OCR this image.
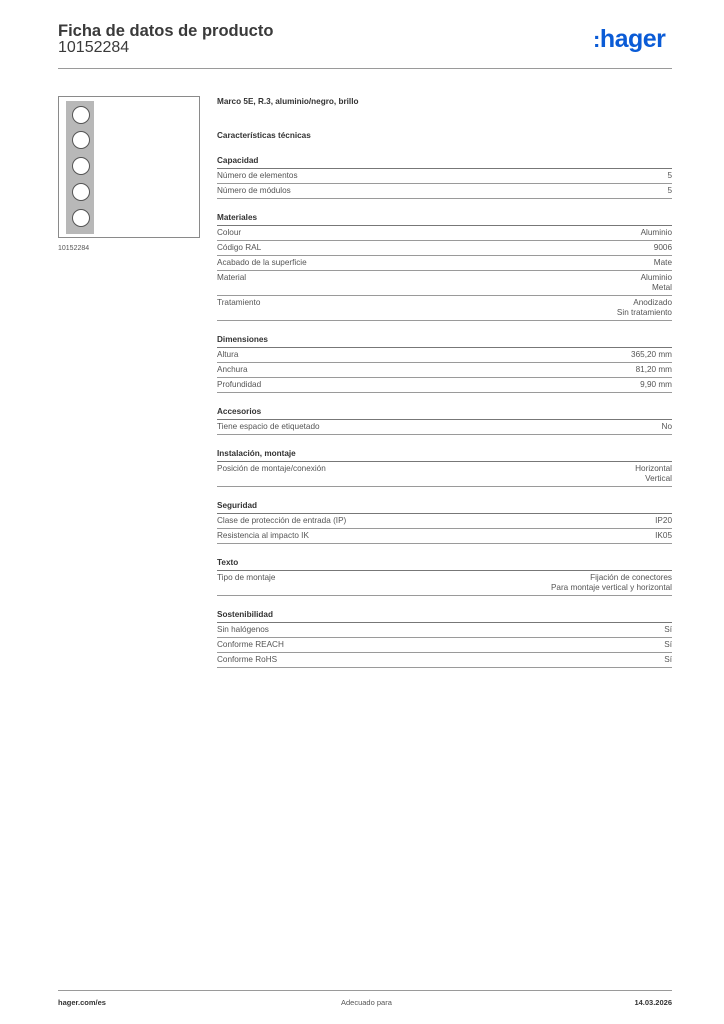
Ficha de datos de producto
10152284	:hager
10152284
Marco 5E, R.3, aluminio/negro, brillo
Características técnicas
Capacidad
Número de elementos	5
Número de módulos	5
Materiales
Colour	Aluminio
Código RAL	9006
Acabado de la superficie	Mate
Material	Aluminio
Metal
Tratamiento	Anodizado
Sin tratamiento
Dimensiones
Altura	365,20 mm
Anchura	81,20 mm
Profundidad	9,90 mm
Accesorios
Tiene espacio de etiquetado	No
Instalación, montaje
Posición de montaje/conexión	Horizontal
Vertical
Seguridad
Clase de protección de entrada (IP)	IP20
Resistencia al impacto IK	IK05
Texto
Tipo de montaje	Fijación de conectores
Para montaje vertical y horizontal
Sostenibilidad
Sin halógenos	Sí
Conforme REACH	Sí
Conforme RoHS	Sí
hager.com/es	Adecuado para	14.03.2026
